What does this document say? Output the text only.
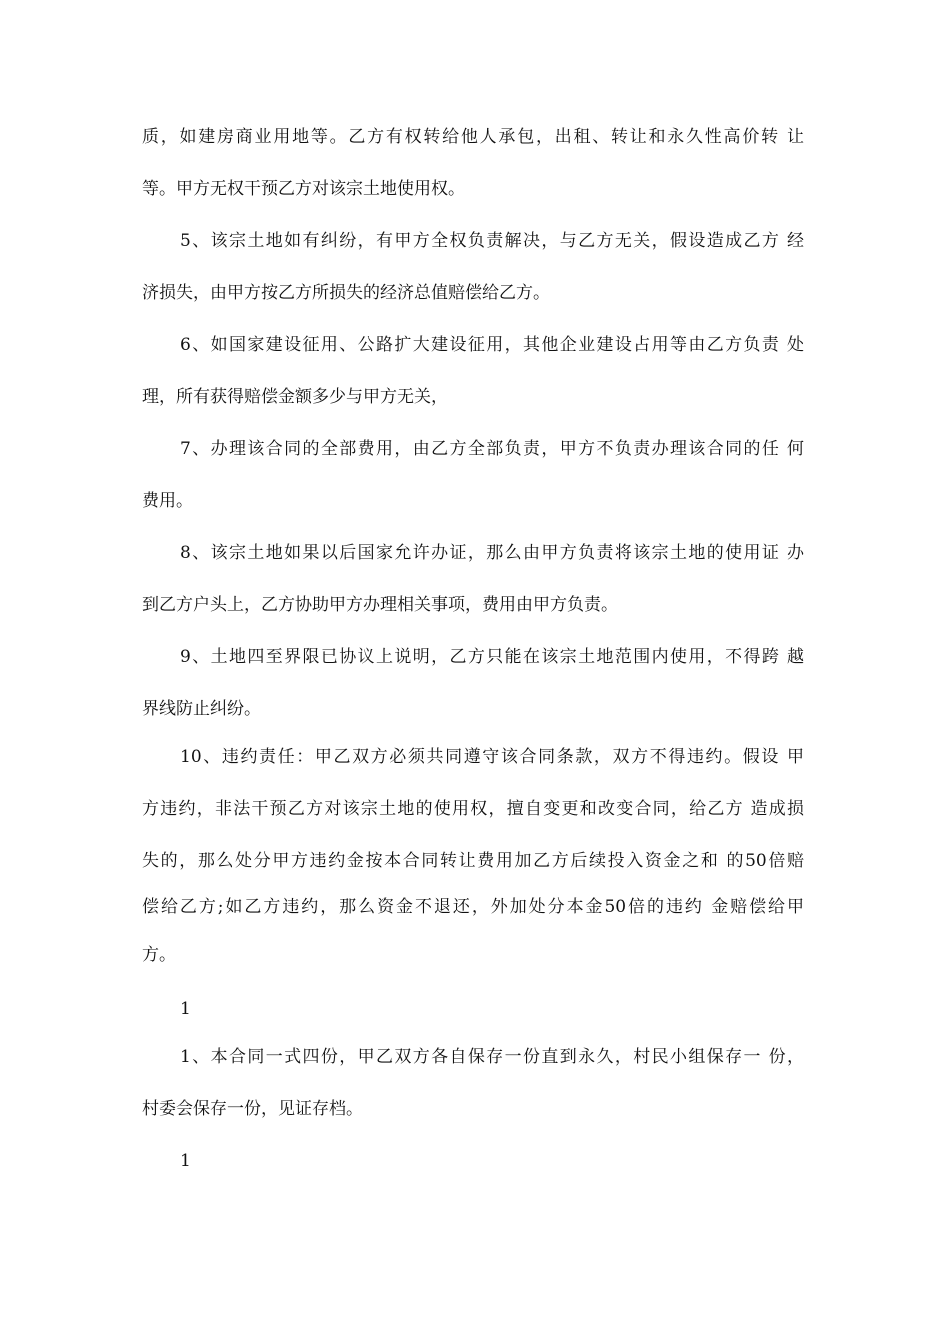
质，如建房商业用地等。乙方有权转给他人承包，出租、转让和永久性高价转 让
等。甲方无权干预乙方对该宗土地使用权。
5、该宗土地如有纠纷，有甲方全权负责解决，与乙方无关，假设造成乙方 经
济损失，由甲方按乙方所损失的经济总值赔偿给乙方。
6、如国家建设征用、公路扩大建设征用，其他企业建设占用等由乙方负责 处
理，所有获得赔偿金额多少与甲方无关，
7、办理该合同的全部费用，由乙方全部负责，甲方不负责办理该合同的任 何
费用。
8、该宗土地如果以后国家允许办证，那么由甲方负责将该宗土地的使用证 办
到乙方户头上，乙方协助甲方办理相关事项，费用由甲方负责。
9、土地四至界限已协议上说明，乙方只能在该宗土地范围内使用，不得跨 越
界线防止纠纷。
10、违约责任：甲乙双方必须共同遵守该合同条款，双方不得违约。假设 甲
方违约，非法干预乙方对该宗土地的使用权，擅自变更和改变合同，给乙方 造成损
失的，那么处分甲方违约金按本合同转让费用加乙方后续投入资金之和 的50倍赔
偿给乙方;如乙方违约，那么资金不退还，外加处分本金50倍的违约 金赔偿给甲
方。
1
1、本合同一式四份，甲乙双方各自保存一份直到永久，村民小组保存一 份，
村委会保存一份，见证存档。
1
